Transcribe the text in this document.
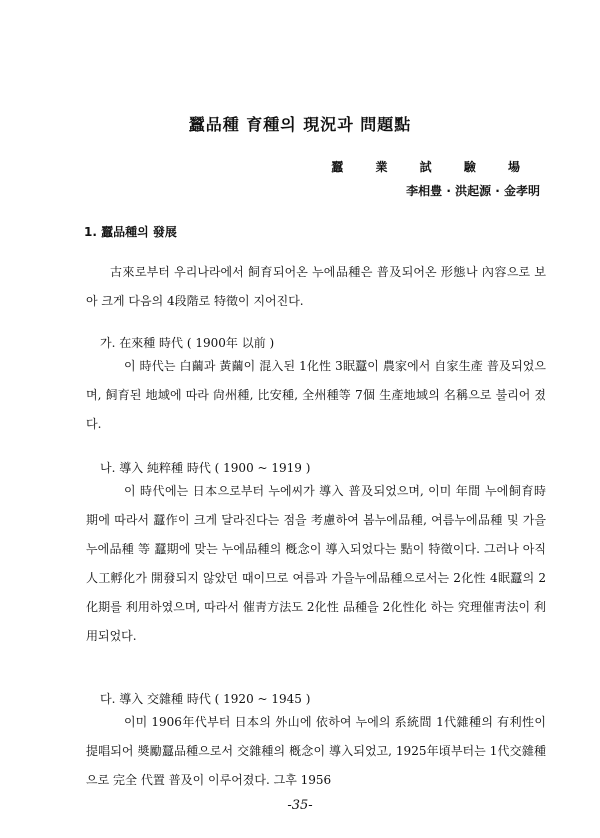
蠶品種 育種의 現況과 問題點
蠶 業 試 驗 場
李相豊 · 洪起源 · 金孝明
1. 蠶品種의 發展

古來로부터 우리나라에서 飼育되어온 누에品種은 普及되어온 形態나 內容으로 보아 크게 다음의 4段階로 特徵이 지어진다.

가. 在來種 時代 ( 1900年 以前 )

이 時代는 白繭과 黃繭이 混入된 1化性 3眠蠶이 農家에서 自家生產 普及되었으며, 飼育된 地域에 따라 尙州種, 比安種, 全州種等 7個 生產地域의 名稱으로 불리어 졌다.

나. 導入 純粹種 時代 ( 1900 ~ 1919 )

이 時代에는 日本으로부터 누에씨가 導入 普及되었으며, 이미 年間 누에飼育時期에 따라서 蠶作이 크게 달라진다는 점을 考慮하여 봄누에品種, 여름누에品種 및 가을누에品種 等 蠶期에 맞는 누에品種의 槪念이 導入되었다는 點이 特徵이다. 그러나 아직 人工孵化가 開發되지 않았던 때이므로 여름과 가을누에品種으로서는 2化性 4眠蠶의 2化期를 利用하였으며, 따라서 催靑方法도 2化性 品種을 2化性化 하는 究理催靑法이 利用되었다.

다. 導入 交雜種 時代 ( 1920 ~ 1945 )

이미 1906年代부터 日本의 外山에 依하여 누에의 系統間 1代雜種의 有利性이 提唱되어 奬勵蠶品種으로서 交雜種의 槪念이 導入되었고, 1925年頃부터는 1代交雜種으로 完全 代置 普及이 이루어졌다. 그후 1956

-35-
